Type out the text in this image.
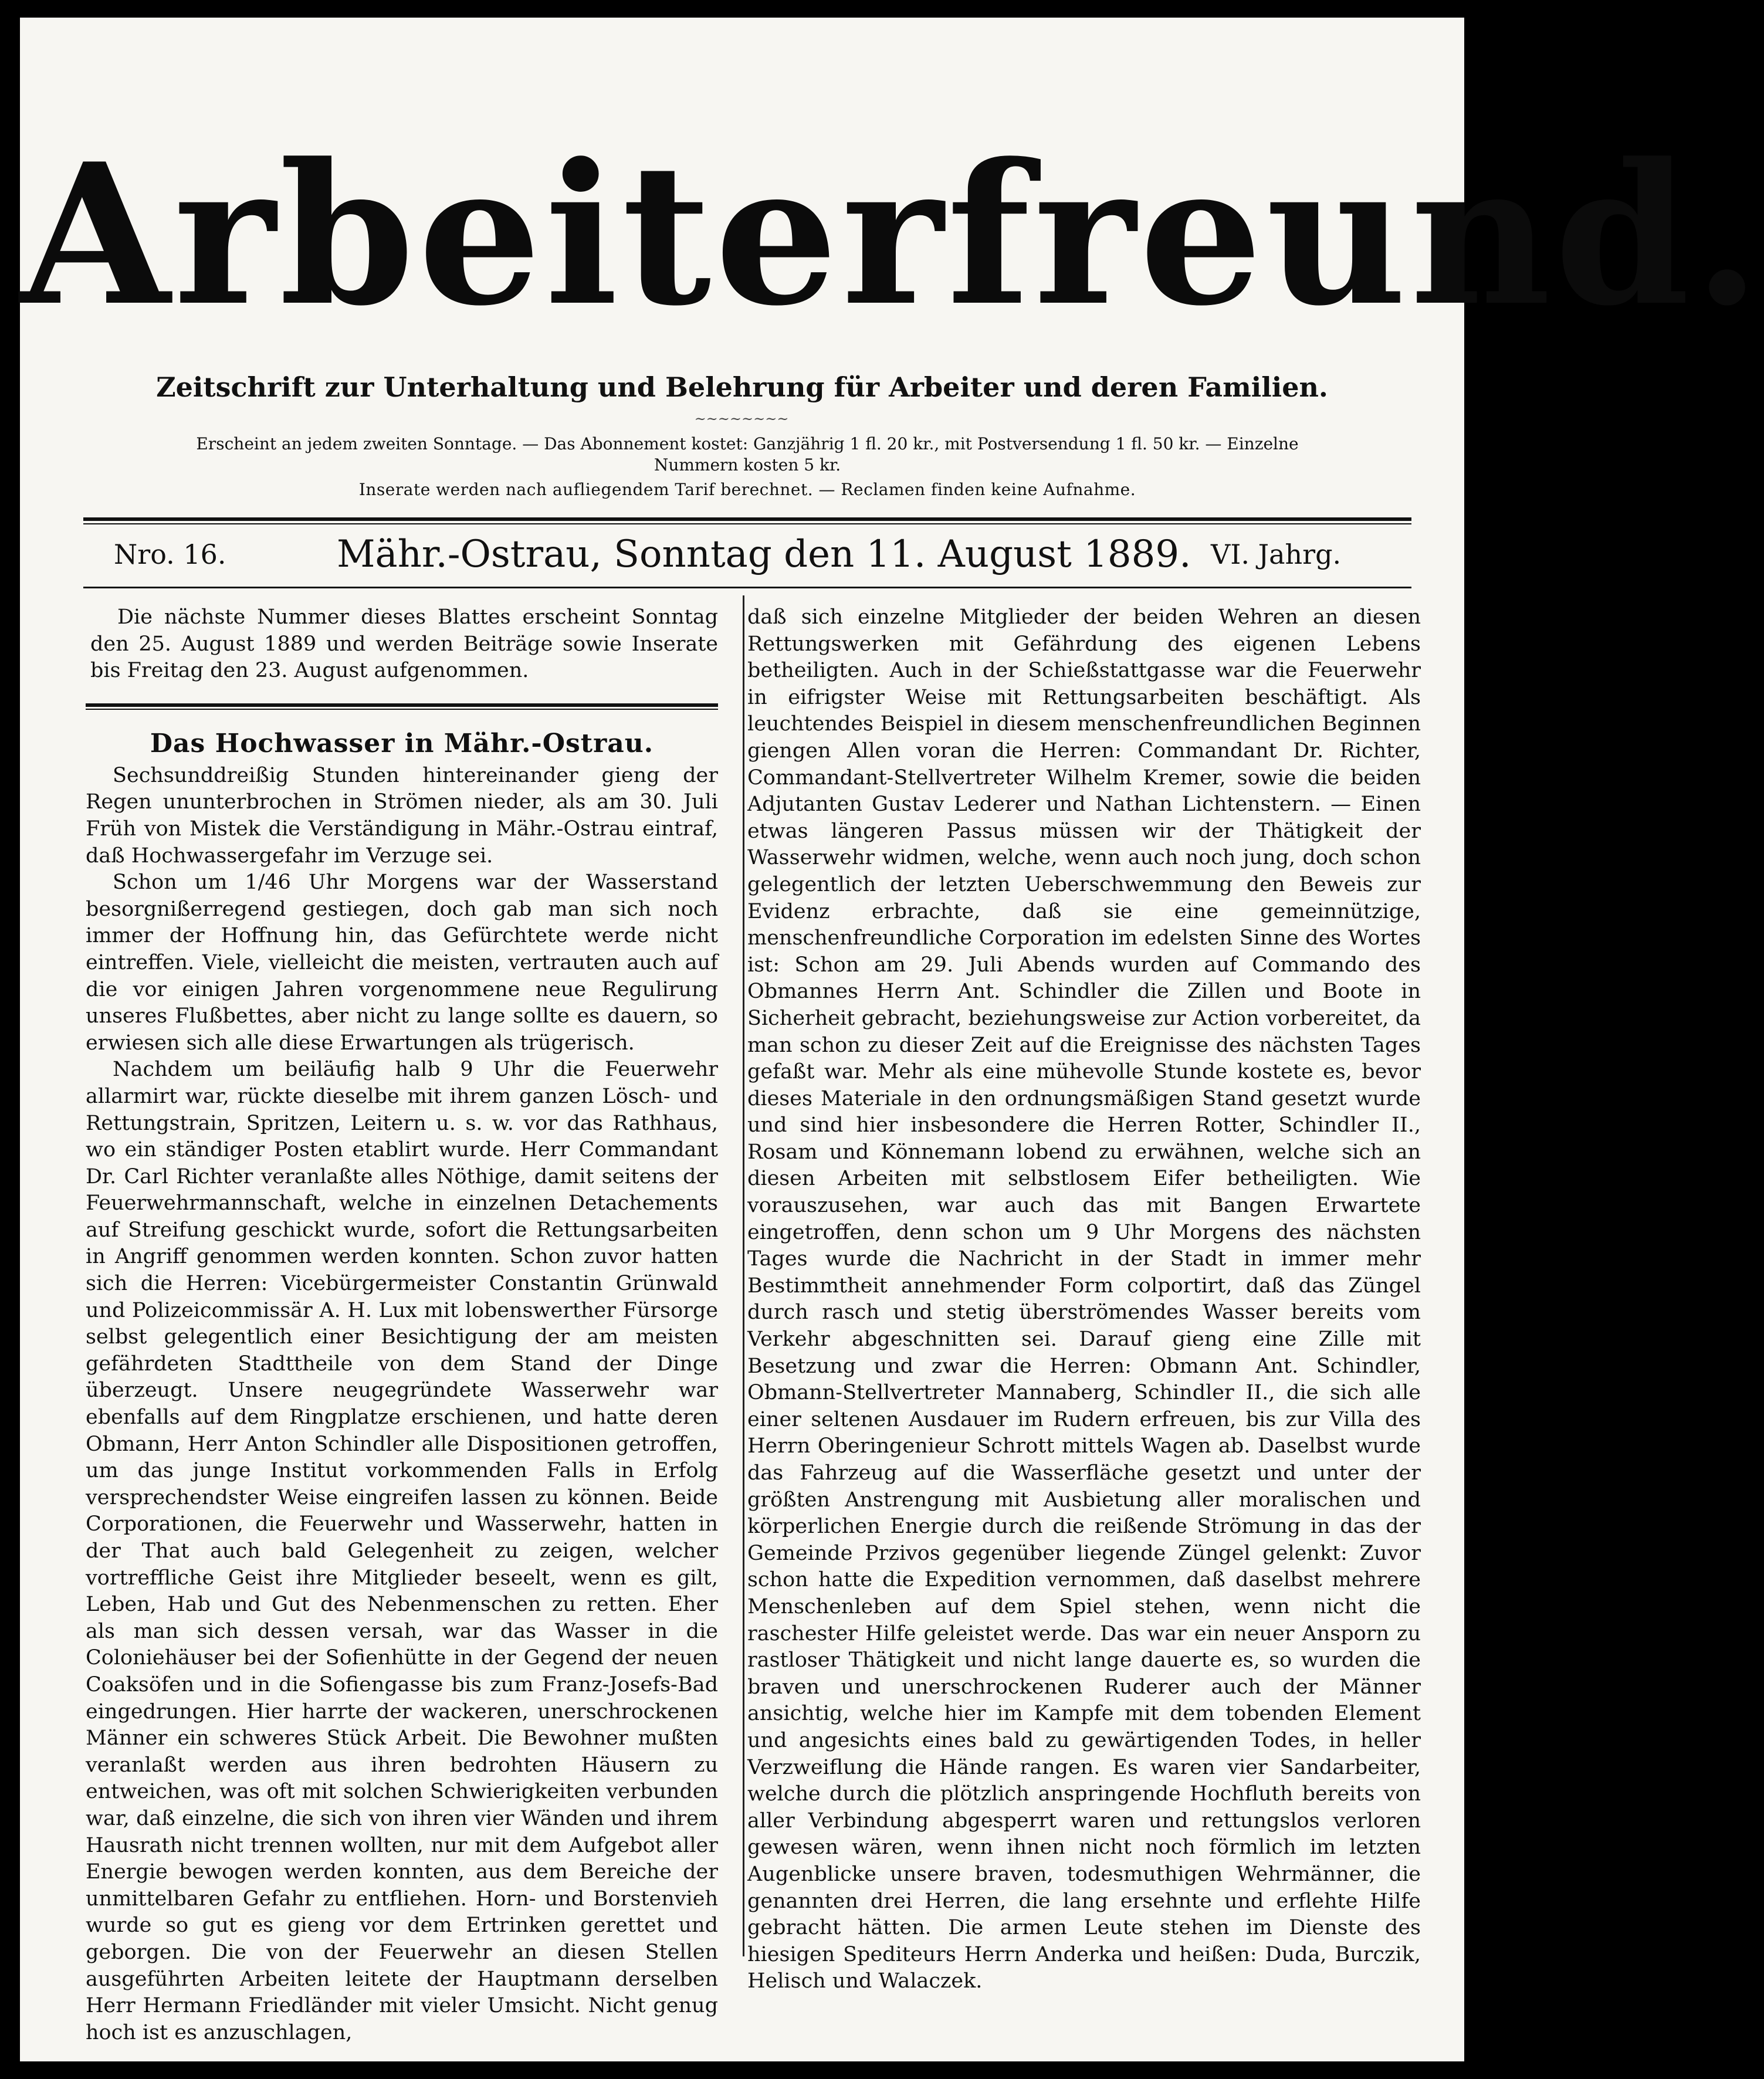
Arbeiterfreund.
Zeitschrift zur Unterhaltung und Belehrung für Arbeiter und deren Familien.
~~~~~~~~
Erscheint an jedem zweiten Sonntage. — Das Abonnement kostet: Ganzjährig 1 fl. 20 kr., mit Postversendung 1 fl. 50 kr. — Einzelne
Nummern kosten 5 kr.
Inserate werden nach aufliegendem Tarif berechnet. — Reclamen finden keine Aufnahme.
Nro. 16.	Mähr.-Ostrau, Sonntag den 11. August 1889. VI. Jahrg.

Die nächste Nummer dieses Blattes erscheint Sonntag den 25. August 1889 und werden Beiträge sowie Inserate bis Freitag den 23. August aufgenommen.

Das Hochwasser in Mähr.-Ostrau.

Sechsunddreißig Stunden hintereinander gieng der Regen ununterbrochen in Strömen nieder, als am 30. Juli Früh von Mistek die Verständigung in Mähr.-Ostrau eintraf, daß Hochwassergefahr im Verzuge sei.

Schon um 1/46 Uhr Morgens war der Wasserstand besorgnißerregend gestiegen, doch gab man sich noch immer der Hoffnung hin, das Gefürchtete werde nicht eintreffen. Viele, vielleicht die meisten, vertrauten auch auf die vor einigen Jahren vorgenommene neue Regulirung unseres Flußbettes, aber nicht zu lange sollte es dauern, so erwiesen sich alle diese Erwartungen als trügerisch.

Nachdem um beiläufig halb 9 Uhr die Feuerwehr allarmirt war, rückte dieselbe mit ihrem ganzen Lösch- und Rettungstrain, Spritzen, Leitern u. s. w. vor das Rathhaus, wo ein ständiger Posten etablirt wurde. Herr Commandant Dr. Carl Richter veranlaßte alles Nöthige, damit seitens der Feuerwehrmannschaft, welche in einzelnen Detachements auf Streifung geschickt wurde, sofort die Rettungsarbeiten in Angriff genommen werden konnten. Schon zuvor hatten sich die Herren: Vicebürgermeister Constantin Grünwald und Polizeicommissär A. H. Lux mit lobenswerther Fürsorge selbst gelegentlich einer Besichtigung der am meisten gefährdeten Stadttheile von dem Stand der Dinge überzeugt. Unsere neugegründete Wasserwehr war ebenfalls auf dem Ringplatze erschienen, und hatte deren Obmann, Herr Anton Schindler alle Dispositionen getroffen, um das junge Institut vorkommenden Falls in Erfolg versprechendster Weise eingreifen lassen zu können. Beide Corporationen, die Feuerwehr und Wasserwehr, hatten in der That auch bald Gelegenheit zu zeigen, welcher vortreffliche Geist ihre Mitglieder beseelt, wenn es gilt, Leben, Hab und Gut des Nebenmenschen zu retten. Eher als man sich dessen versah, war das Wasser in die Coloniehäuser bei der Sofienhütte in der Gegend der neuen Coaksöfen und in die Sofiengasse bis zum Franz-Josefs-Bad eingedrungen. Hier harrte der wackeren, unerschrockenen Männer ein schweres Stück Arbeit. Die Bewohner mußten veranlaßt werden aus ihren bedrohten Häusern zu entweichen, was oft mit solchen Schwierigkeiten verbunden war, daß einzelne, die sich von ihren vier Wänden und ihrem Hausrath nicht trennen wollten, nur mit dem Aufgebot aller Energie bewogen werden konnten, aus dem Bereiche der unmittelbaren Gefahr zu entfliehen. Horn- und Borstenvieh wurde so gut es gieng vor dem Ertrinken gerettet und geborgen. Die von der Feuerwehr an diesen Stellen ausgeführten Arbeiten leitete der Hauptmann derselben Herr Hermann Friedländer mit vieler Umsicht. Nicht genug hoch ist es anzuschlagen,

daß sich einzelne Mitglieder der beiden Wehren an diesen Rettungswerken mit Gefährdung des eigenen Lebens betheiligten. Auch in der Schießstattgasse war die Feuerwehr in eifrigster Weise mit Rettungsarbeiten beschäftigt. Als leuchtendes Beispiel in diesem menschenfreundlichen Beginnen giengen Allen voran die Herren: Commandant Dr. Richter, Commandant-Stellvertreter Wilhelm Kremer, sowie die beiden Adjutanten Gustav Lederer und Nathan Lichtenstern. — Einen etwas längeren Passus müssen wir der Thätigkeit der Wasserwehr widmen, welche, wenn auch noch jung, doch schon gelegentlich der letzten Ueberschwemmung den Beweis zur Evidenz erbrachte, daß sie eine gemeinnützige, menschenfreundliche Corporation im edelsten Sinne des Wortes ist: Schon am 29. Juli Abends wurden auf Commando des Obmannes Herrn Ant. Schindler die Zillen und Boote in Sicherheit gebracht, beziehungsweise zur Action vorbereitet, da man schon zu dieser Zeit auf die Ereignisse des nächsten Tages gefaßt war. Mehr als eine mühevolle Stunde kostete es, bevor dieses Materiale in den ordnungsmäßigen Stand gesetzt wurde und sind hier insbesondere die Herren Rotter, Schindler II., Rosam und Könnemann lobend zu erwähnen, welche sich an diesen Arbeiten mit selbstlosem Eifer betheiligten. Wie vorauszusehen, war auch das mit Bangen Erwartete eingetroffen, denn schon um 9 Uhr Morgens des nächsten Tages wurde die Nachricht in der Stadt in immer mehr Bestimmtheit annehmender Form colportirt, daß das Züngel durch rasch und stetig überströmendes Wasser bereits vom Verkehr abgeschnitten sei. Darauf gieng eine Zille mit Besetzung und zwar die Herren: Obmann Ant. Schindler, Obmann-Stellvertreter Mannaberg, Schindler II., die sich alle einer seltenen Ausdauer im Rudern erfreuen, bis zur Villa des Herrn Oberingenieur Schrott mittels Wagen ab. Daselbst wurde das Fahrzeug auf die Wasserfläche gesetzt und unter der größten Anstrengung mit Ausbietung aller moralischen und körperlichen Energie durch die reißende Strömung in das der Gemeinde Przivos gegenüber liegende Züngel gelenkt: Zuvor schon hatte die Expedition vernommen, daß daselbst mehrere Menschenleben auf dem Spiel stehen, wenn nicht die raschester Hilfe geleistet werde. Das war ein neuer Ansporn zu rastloser Thätigkeit und nicht lange dauerte es, so wurden die braven und unerschrockenen Ruderer auch der Männer ansichtig, welche hier im Kampfe mit dem tobenden Element und angesichts eines bald zu gewärtigenden Todes, in heller Verzweiflung die Hände rangen. Es waren vier Sandarbeiter, welche durch die plötzlich anspringende Hochfluth bereits von aller Verbindung abgesperrt waren und rettungslos verloren gewesen wären, wenn ihnen nicht noch förmlich im letzten Augenblicke unsere braven, todesmuthigen Wehrmänner, die genannten drei Herren, die lang ersehnte und erflehte Hilfe gebracht hätten. Die armen Leute stehen im Dienste des hiesigen Spediteurs Herrn Anderka und heißen: Duda, Burczik, Helisch und Walaczek.
